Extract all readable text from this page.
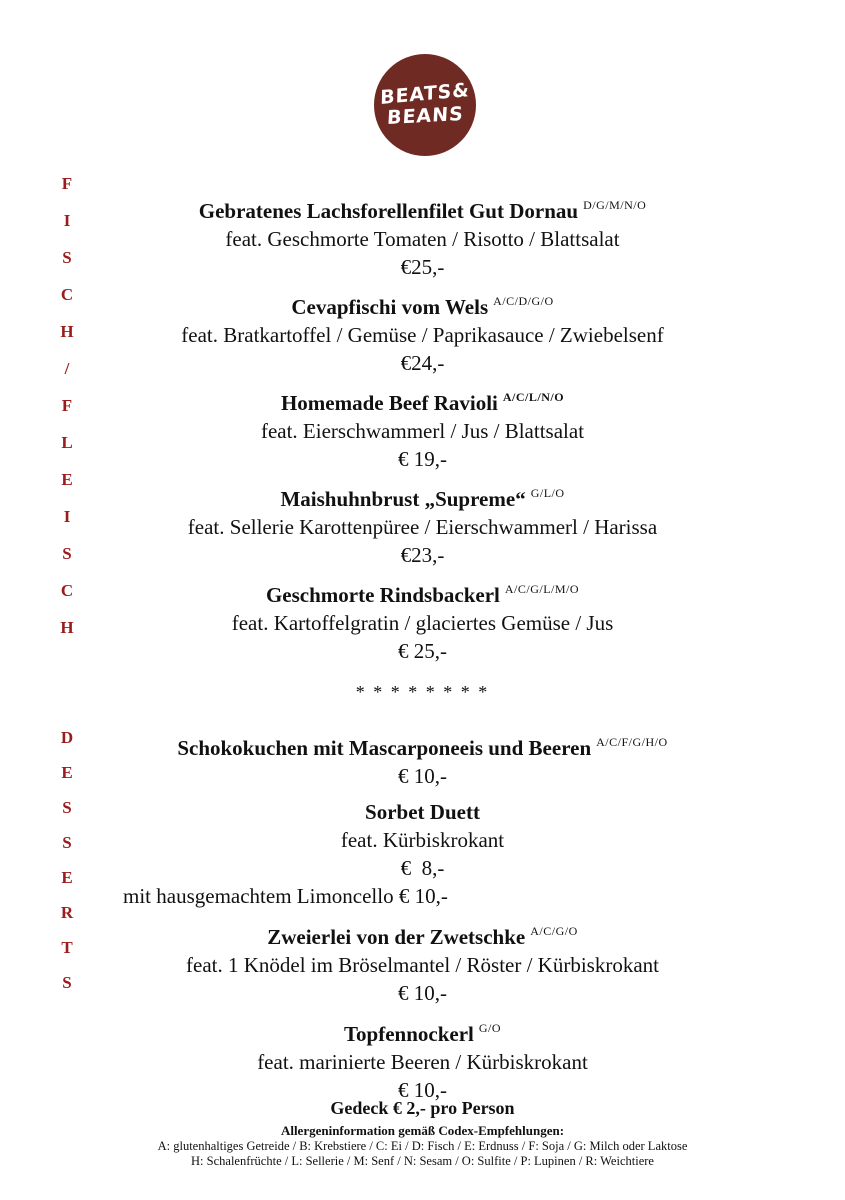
BEATS&
BEANS
F
I
S
C
H
/
F
L
E
I
S
C
H
D
E
S
S
E
R
T
S
Gebratenes Lachsforellenfilet Gut Dornau $^{D/G/M/N/O}$
feat. Geschmorte Tomaten / Risotto / Blattsalat
€25,-
Cevapfischi vom Wels $^{A/C/D/G/O}$
feat. Bratkartoffel / Gemüse / Paprikasauce / Zwiebelsenf
€24,-
Homemade Beef Ravioli $^{A/C/L/N/O}$
feat. Eierschwammerl / Jus / Blattsalat
€ 19,-
Maishuhnbrust „Supreme“ $^{G/L/O}$
feat. Sellerie Karottenpüree / Eierschwammerl / Harissa
€23,-
Geschmorte Rindsbackerl $^{A/C/G/L/M/O}$
feat. Kartoffelgratin / glaciertes Gemüse / Jus
€ 25,-
* * * * * * * *
Schokokuchen mit Mascarponeeis und Beeren $^{A/C/F/G/H/O}$
€ 10,-
Sorbet Duett
feat. Kürbiskrokant
€  8,-
mit hausgemachtem Limoncello € 10,-
Zweierlei von der Zwetschke $^{A/C/G/O}$
feat. 1 Knödel im Bröselmantel / Röster / Kürbiskrokant
€ 10,-
Topfennockerl $^{G/O}$
feat. marinierte Beeren / Kürbiskrokant
€ 10,-
Gedeck € 2,- pro Person
Allergeninformation gemäß Codex-Empfehlungen:
A: glutenhaltiges Getreide / B: Krebstiere / C: Ei / D: Fisch / E: Erdnuss / F: Soja / G: Milch oder Laktose
H: Schalenfrüchte / L: Sellerie / M: Senf / N: Sesam / O: Sulfite / P: Lupinen / R: Weichtiere
